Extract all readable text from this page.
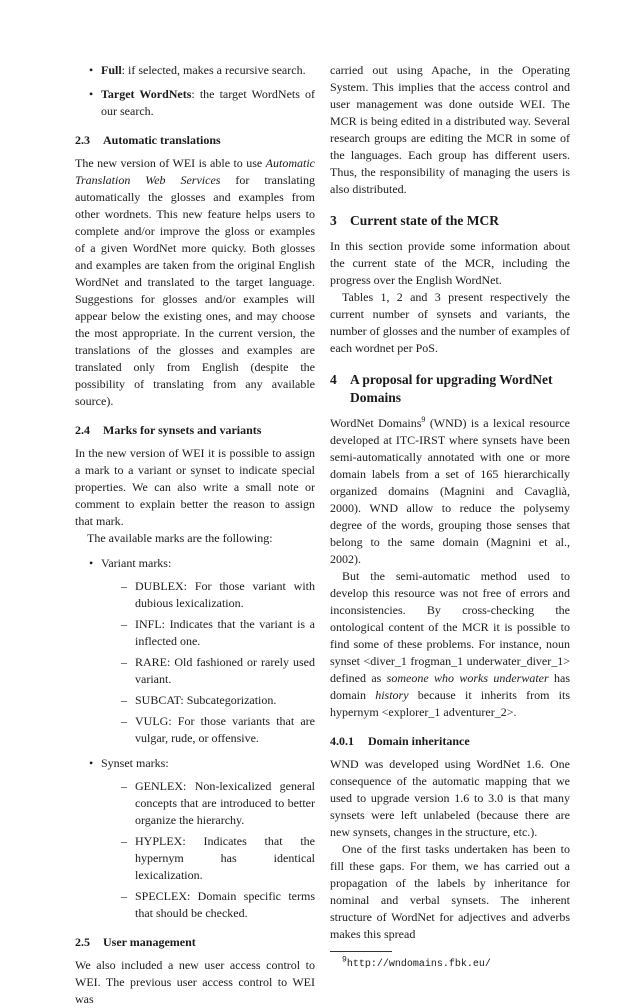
• Full: if selected, makes a recursive search.
• Target WordNets: the target WordNets of our search.
2.3	Automatic translations

The new version of WEI is able to use Automatic Translation Web Services for translating automatically the glosses and examples from other wordnets. This new feature helps users to complete and/or improve the gloss or examples of a given WordNet more quicky. Both glosses and examples are taken from the original English WordNet and translated to the target language. Suggestions for glosses and/or examples will appear below the existing ones, and may choose the most appropriate. In the current version, the translations of the glosses and examples are translated only from English (despite the possibility of translating from any available source).

2.4	Marks for synsets and variants

In the new version of WEI it is possible to assign a mark to a variant or synset to indicate special properties. We can also write a small note or comment to explain better the reason to assign that mark.

The available marks are the following:

• Variant marks:
– DUBLEX: For those variant with dubious lexicalization.
– INFL: Indicates that the variant is a inflected one.
– RARE: Old fashioned or rarely used variant.
– SUBCAT: Subcategorization.
– VULG: For those variants that are vulgar, rude, or offensive.
• Synset marks:
– GENLEX: Non-lexicalized general concepts that are introduced to better organize the hierarchy.
– HYPLEX: Indicates that the hypernym has identical lexicalization.
– SPECLEX: Domain specific terms that should be checked.
2.5	User management

We also included a new user access control to WEI. The previous user access control to WEI was

carried out using Apache, in the Operating System. This implies that the access control and user management was done outside WEI. The MCR is being edited in a distributed way. Several research groups are editing the MCR in some of the languages. Each group has different users. Thus, the responsibility of managing the users is also distributed.

3 Current state of the MCR

In this section provide some information about the current state of the MCR, including the progress over the English WordNet.

Tables 1, 2 and 3 present respectively the current number of synsets and variants, the number of glosses and the number of examples of each wordnet per PoS.

4 A proposal for upgrading WordNet Domains

WordNet Domains$^9$ (WND) is a lexical resource developed at ITC-IRST where synsets have been semi-automatically annotated with one or more domain labels from a set of 165 hierarchically organized domains (Magnini and Cavaglià, 2000). WND allow to reduce the polysemy degree of the words, grouping those senses that belong to the same domain (Magnini et al., 2002).

But the semi-automatic method used to develop this resource was not free of errors and inconsistencies. By cross-checking the ontological content of the MCR it is possible to find some of these problems. For instance, noun synset <diver_1 frogman_1 underwater_diver_1> defined as someone who works underwater has domain history because it inherits from its hypernym <explorer_1 adventurer_2>.

4.0.1	Domain inheritance

WND was developed using WordNet 1.6. One consequence of the automatic mapping that we used to upgrade version 1.6 to 3.0 is that many synsets were left unlabeled (because there are new synsets, changes in the structure, etc.).

One of the first tasks undertaken has been to fill these gaps. For them, we has carried out a propagation of the labels by inheritance for nominal and verbal synsets. The inherent structure of WordNet for adjectives and adverbs makes this spread

$^9$http://wndomains.fbk.eu/
